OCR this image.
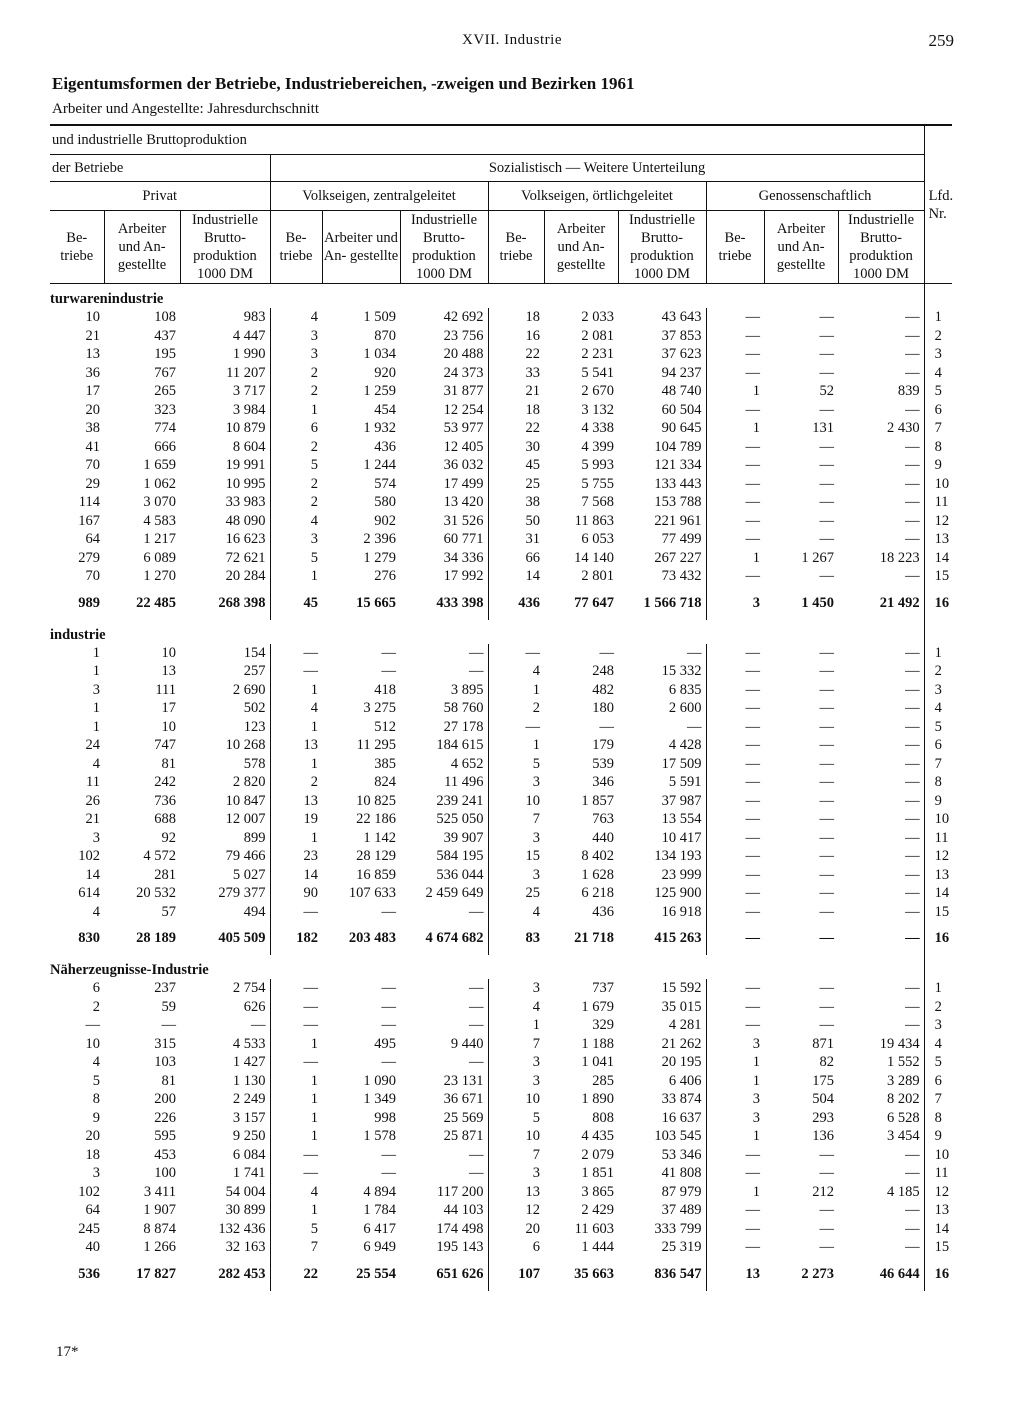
XVII. Industrie	259
Eigentumsformen der Betriebe, Industriebereichen, -zweigen und Bezirken 1961
Arbeiter und Angestellte: Jahresdurchschnitt
und industrielle Bruttoproduktion												Lfd. Nr.
der Betriebe			Sozialistisch — Weitere Unterteilung									
Privat			Volkseigen, zentralgeleitet			Volkseigen, örtlichgeleitet			Genossenschaftlich			
Be- triebe	Arbeiter und An- gestellte	Industrielle Brutto- produktion 1000 DM	Be- triebe	Arbeiter und An- gestellte	Industrielle Brutto- produktion 1000 DM	Be- triebe	Arbeiter und An- gestellte	Industrielle Brutto- produktion 1000 DM	Be- triebe	Arbeiter und An- gestellte	Industrielle Brutto- produktion 1000 DM	
turwarenindustrie												
10	108	983	4	1 509	42 692	18	2 033	43 643	—	—	—	1
21	437	4 447	3	870	23 756	16	2 081	37 853	—	—	—	2
13	195	1 990	3	1 034	20 488	22	2 231	37 623	—	—	—	3
36	767	11 207	2	920	24 373	33	5 541	94 237	—	—	—	4
17	265	3 717	2	1 259	31 877	21	2 670	48 740	1	52	839	5
20	323	3 984	1	454	12 254	18	3 132	60 504	—	—	—	6
38	774	10 879	6	1 932	53 977	22	4 338	90 645	1	131	2 430	7
41	666	8 604	2	436	12 405	30	4 399	104 789	—	—	—	8
70	1 659	19 991	5	1 244	36 032	45	5 993	121 334	—	—	—	9
29	1 062	10 995	2	574	17 499	25	5 755	133 443	—	—	—	10
114	3 070	33 983	2	580	13 420	38	7 568	153 788	—	—	—	11
167	4 583	48 090	4	902	31 526	50	11 863	221 961	—	—	—	12
64	1 217	16 623	3	2 396	60 771	31	6 053	77 499	—	—	—	13
279	6 089	72 621	5	1 279	34 336	66	14 140	267 227	1	1 267	18 223	14
70	1 270	20 284	1	276	17 992	14	2 801	73 432	—	—	—	15
989	22 485	268 398	45	15 665	433 398	436	77 647	1 566 718	3	1 450	21 492	16
industrie												
1	10	154	—	—	—	—	—	—	—	—	—	1
1	13	257	—	—	—	4	248	15 332	—	—	—	2
3	111	2 690	1	418	3 895	1	482	6 835	—	—	—	3
1	17	502	4	3 275	58 760	2	180	2 600	—	—	—	4
1	10	123	1	512	27 178	—	—	—	—	—	—	5
24	747	10 268	13	11 295	184 615	1	179	4 428	—	—	—	6
4	81	578	1	385	4 652	5	539	17 509	—	—	—	7
11	242	2 820	2	824	11 496	3	346	5 591	—	—	—	8
26	736	10 847	13	10 825	239 241	10	1 857	37 987	—	—	—	9
21	688	12 007	19	22 186	525 050	7	763	13 554	—	—	—	10
3	92	899	1	1 142	39 907	3	440	10 417	—	—	—	11
102	4 572	79 466	23	28 129	584 195	15	8 402	134 193	—	—	—	12
14	281	5 027	14	16 859	536 044	3	1 628	23 999	—	—	—	13
614	20 532	279 377	90	107 633	2 459 649	25	6 218	125 900	—	—	—	14
4	57	494	—	—	—	4	436	16 918	—	—	—	15
830	28 189	405 509	182	203 483	4 674 682	83	21 718	415 263	—	—	—	16
Näherzeugnisse-Industrie												
6	237	2 754	—	—	—	3	737	15 592	—	—	—	1
2	59	626	—	—	—	4	1 679	35 015	—	—	—	2
—	—	—	—	—	—	1	329	4 281	—	—	—	3
10	315	4 533	1	495	9 440	7	1 188	21 262	3	871	19 434	4
4	103	1 427	—	—	—	3	1 041	20 195	1	82	1 552	5
5	81	1 130	1	1 090	23 131	3	285	6 406	1	175	3 289	6
8	200	2 249	1	1 349	36 671	10	1 890	33 874	3	504	8 202	7
9	226	3 157	1	998	25 569	5	808	16 637	3	293	6 528	8
20	595	9 250	1	1 578	25 871	10	4 435	103 545	1	136	3 454	9
18	453	6 084	—	—	—	7	2 079	53 346	—	—	—	10
3	100	1 741	—	—	—	3	1 851	41 808	—	—	—	11
102	3 411	54 004	4	4 894	117 200	13	3 865	87 979	1	212	4 185	12
64	1 907	30 899	1	1 784	44 103	12	2 429	37 489	—	—	—	13
245	8 874	132 436	5	6 417	174 498	20	11 603	333 799	—	—	—	14
40	1 266	32 163	7	6 949	195 143	6	1 444	25 319	—	—	—	15
536	17 827	282 453	22	25 554	651 626	107	35 663	836 547	13	2 273	46 644	16
17*
